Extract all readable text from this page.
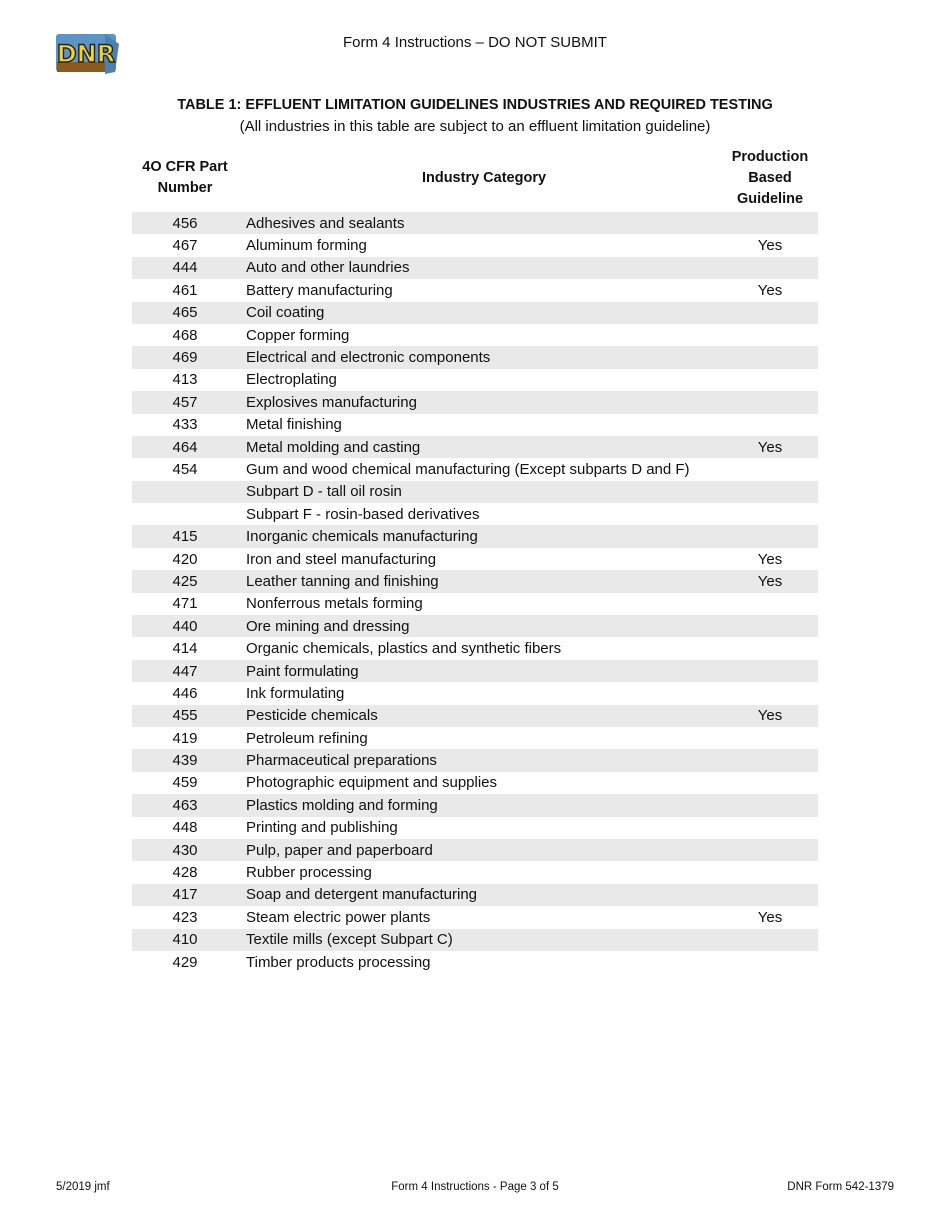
DNR	Form 4 Instructions – DO NOT SUBMIT
TABLE 1: EFFLUENT LIMITATION GUIDELINES INDUSTRIES AND REQUIRED TESTING
(All industries in this table are subject to an effluent limitation guideline)
4O CFR Part
Number
Industry Category
Production
Based
Guideline
456	Adhesives and sealants
467	Aluminum forming	Yes
444	Auto and other laundries
461	Battery manufacturing	Yes
465	Coil coating
468	Copper forming
469	Electrical and electronic components
413	Electroplating
457	Explosives manufacturing
433	Metal finishing
464	Metal molding and casting	Yes
454	Gum and wood chemical manufacturing (Except subparts D and F)
Subpart D - tall oil rosin
Subpart F - rosin-based derivatives
415	Inorganic chemicals manufacturing
420	Iron and steel manufacturing	Yes
425	Leather tanning and finishing	Yes
471	Nonferrous metals forming
440	Ore mining and dressing
414	Organic chemicals, plastics and synthetic fibers
447	Paint formulating
446	Ink formulating
455	Pesticide chemicals	Yes
419	Petroleum refining
439	Pharmaceutical preparations
459	Photographic equipment and supplies
463	Plastics molding and forming
448	Printing and publishing
430	Pulp, paper and paperboard
428	Rubber processing
417	Soap and detergent manufacturing
423	Steam electric power plants	Yes
410	Textile mills (except Subpart C)
429	Timber products processing
5/2019 jmf	Form 4 Instructions - Page 3 of 5	DNR Form 542-1379
